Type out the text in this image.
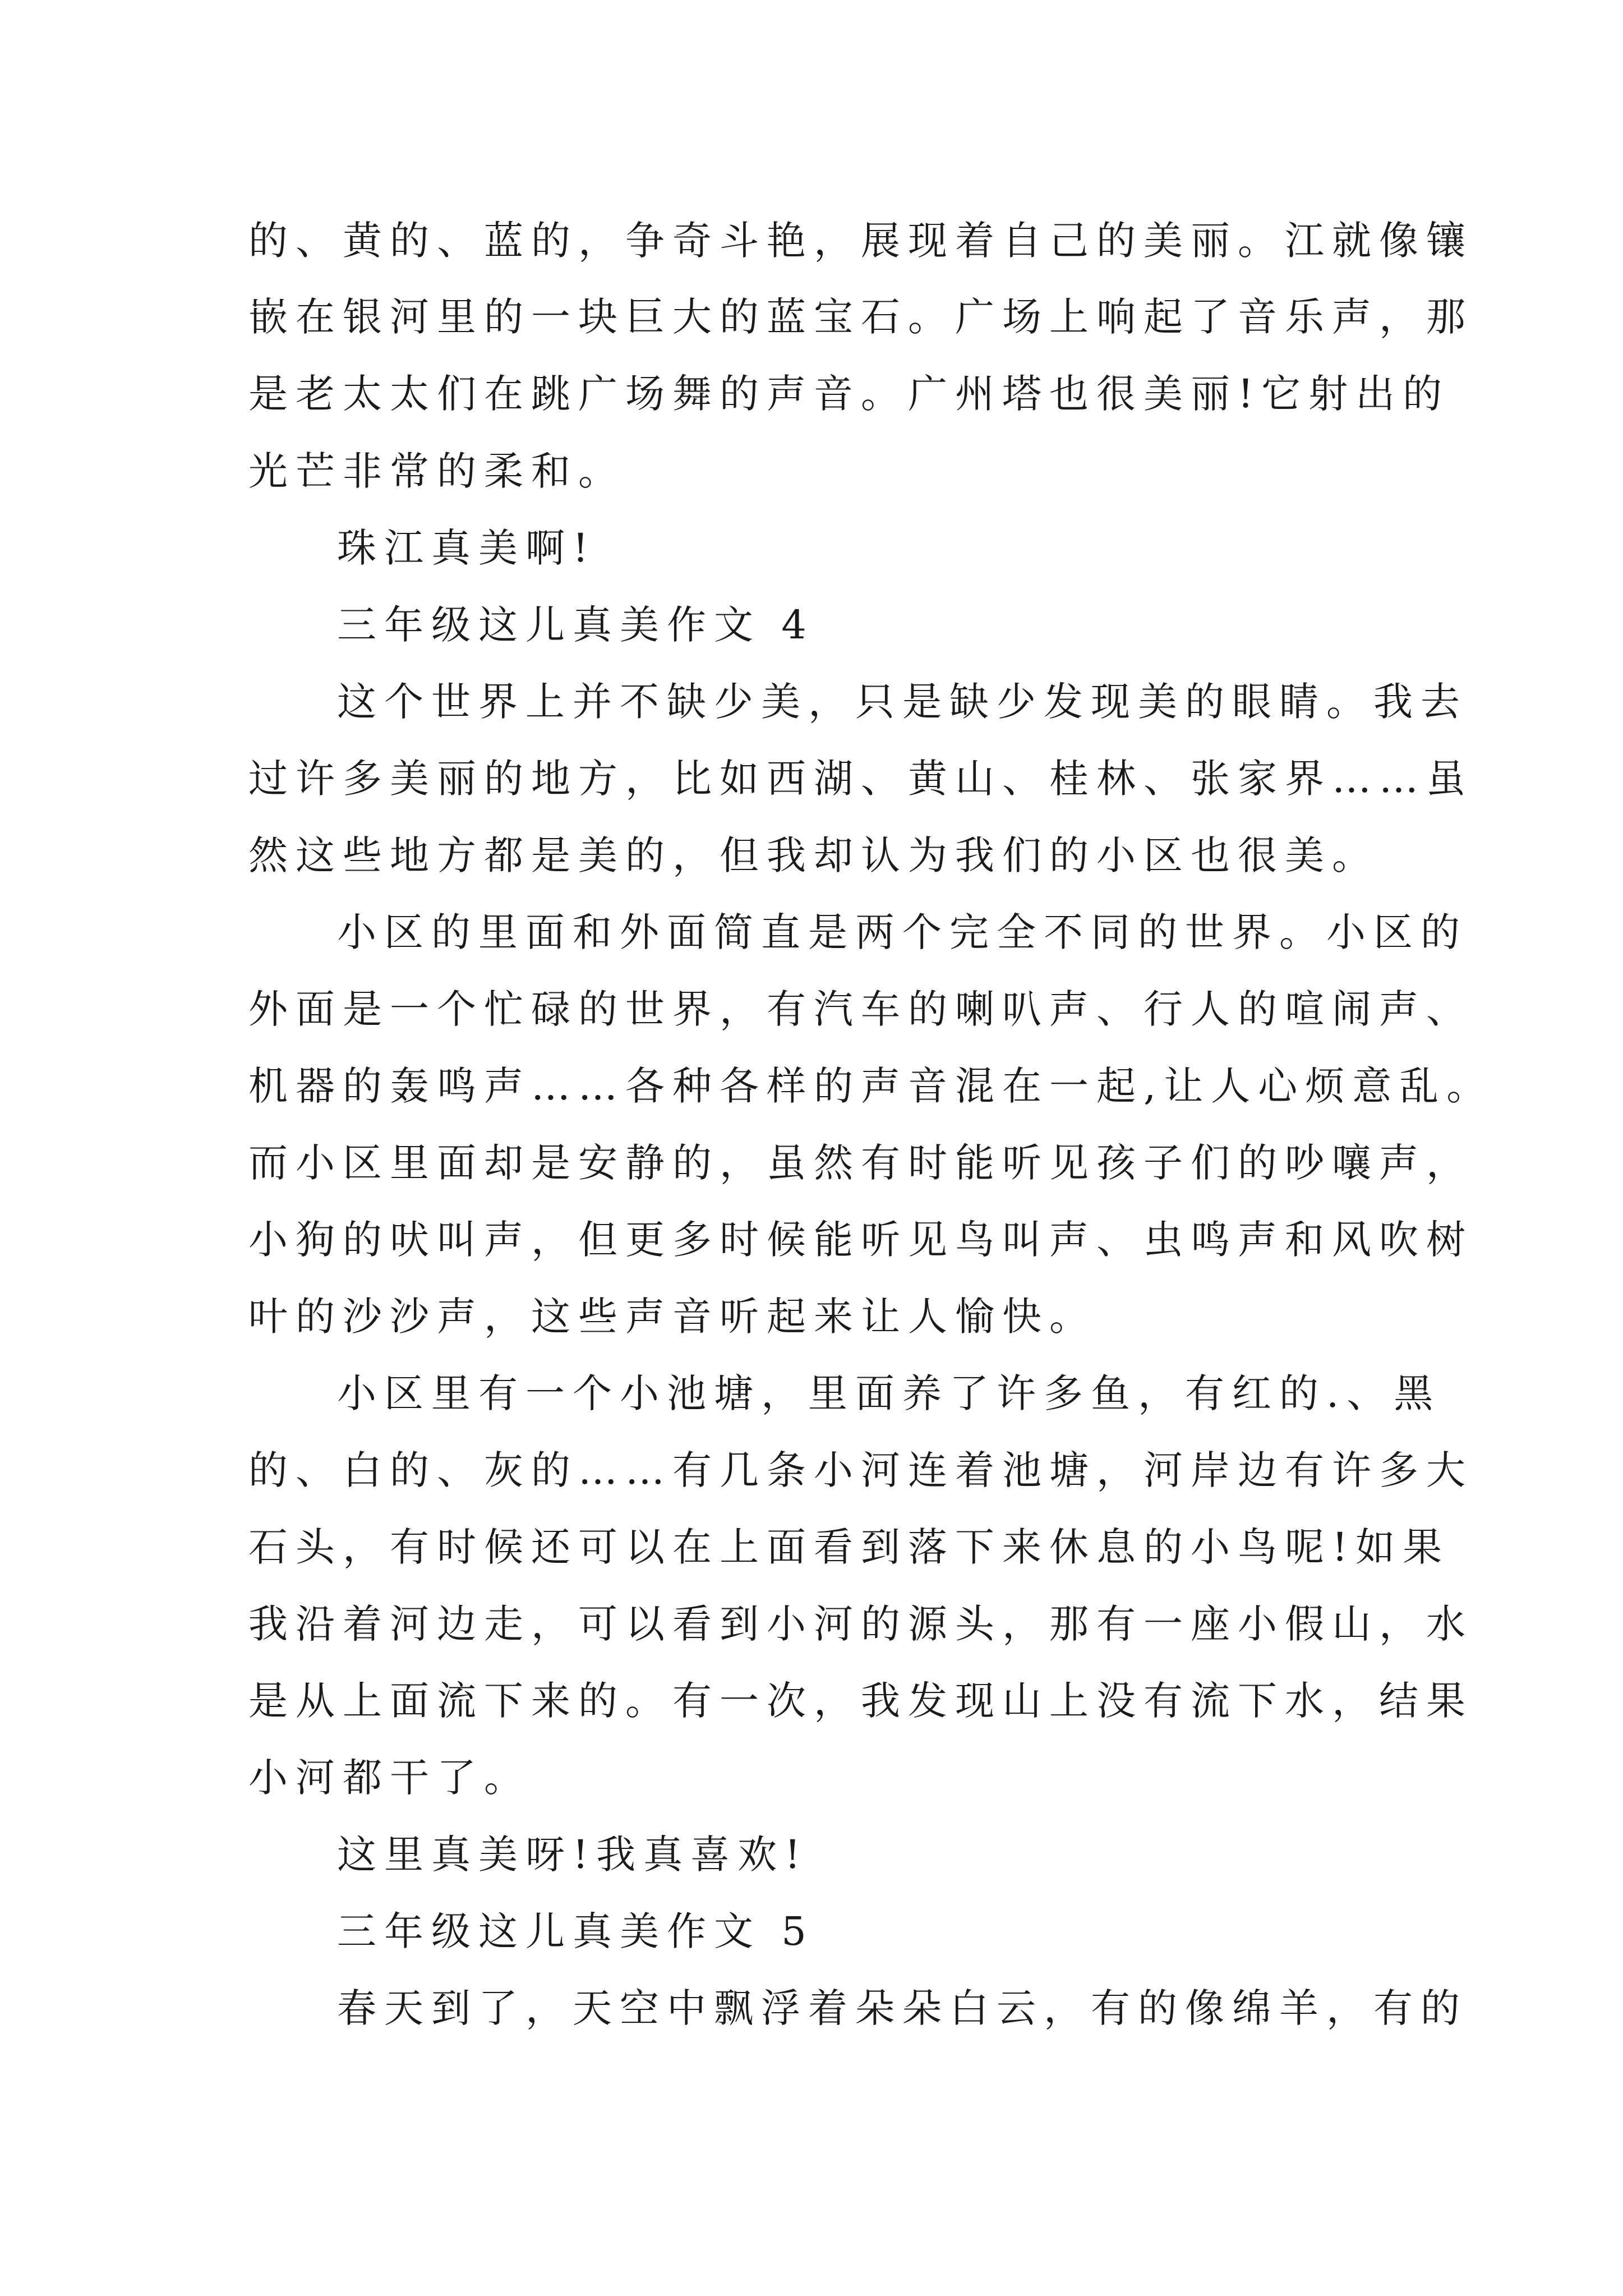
的、黄的、蓝的，争奇斗艳，展现着自己的美丽。江就像镶
嵌在银河里的一块巨大的蓝宝石。广场上响起了音乐声，那
是老太太们在跳广场舞的声音。广州塔也很美丽!它射出的
光芒非常的柔和。
珠江真美啊!
三年级这儿真美作文 4
这个世界上并不缺少美，只是缺少发现美的眼睛。我去
过许多美丽的地方，比如西湖、黄山、桂林、张家界……虽
然这些地方都是美的，但我却认为我们的小区也很美。
小区的里面和外面简直是两个完全不同的世界。小区的
外面是一个忙碌的世界，有汽车的喇叭声、行人的喧闹声、
机器的轰鸣声……各种各样的声音混在一起,让人心烦意乱。
而小区里面却是安静的，虽然有时能听见孩子们的吵嚷声，
小狗的吠叫声，但更多时候能听见鸟叫声、虫鸣声和风吹树
叶的沙沙声，这些声音听起来让人愉快。
小区里有一个小池塘，里面养了许多鱼，有红的.、黑
的、白的、灰的……有几条小河连着池塘，河岸边有许多大
石头，有时候还可以在上面看到落下来休息的小鸟呢!如果
我沿着河边走，可以看到小河的源头，那有一座小假山，水
是从上面流下来的。有一次，我发现山上没有流下水，结果
小河都干了。
这里真美呀!我真喜欢!
三年级这儿真美作文 5
春天到了，天空中飘浮着朵朵白云，有的像绵羊，有的
